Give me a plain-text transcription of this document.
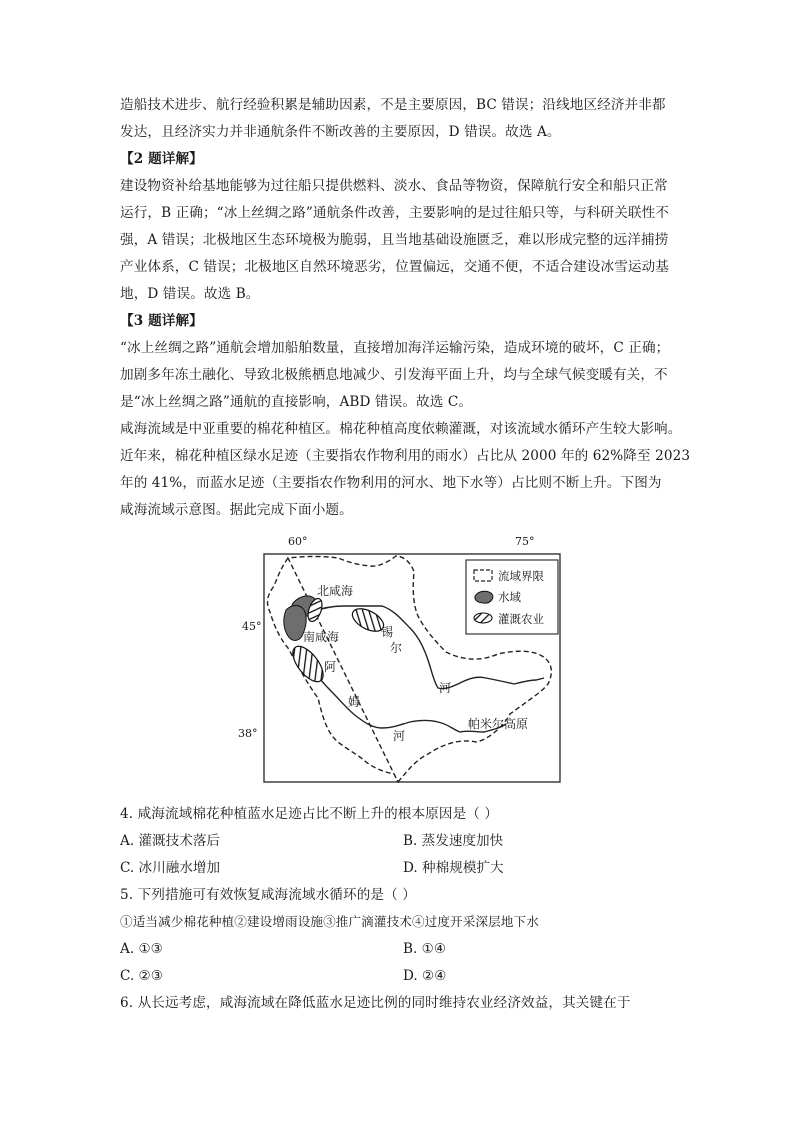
造船技术进步、航行经验积累是辅助因素，不是主要原因，BC 错误；沿线地区经济并非都
发达，且经济实力并非通航条件不断改善的主要原因，D 错误。故选 A。
【2 题详解】
建设物资补给基地能够为过往船只提供燃料、淡水、食品等物资，保障航行安全和船只正常
运行，B 正确；“冰上丝绸之路”通航条件改善，主要影响的是过往船只等，与科研关联性不
强，A 错误；北极地区生态环境极为脆弱，且当地基础设施匮乏，难以形成完整的远洋捕捞
产业体系，C 错误；北极地区自然环境恶劣，位置偏远，交通不便，不适合建设冰雪运动基
地，D 错误。故选 B。
【3 题详解】
“冰上丝绸之路”通航会增加船舶数量，直接增加海洋运输污染，造成环境的破坏，C 正确；
加剧多年冻土融化、导致北极熊栖息地减少、引发海平面上升，均与全球气候变暖有关，不
是“冰上丝绸之路”通航的直接影响，ABD 错误。故选 C。
咸海流域是中亚重要的棉花种植区。棉花种植高度依赖灌溉，对该流域水循环产生较大影响。
近年来，棉花种植区绿水足迹（主要指农作物利用的雨水）占比从 2000 年的 62%降至 2023
年的 41%，而蓝水足迹（主要指农作物利用的河水、地下水等）占比则不断上升。下图为
咸海流域示意图。据此完成下面小题。
60°	75°
45°
38°
北咸海
南咸海	锡
尔
河
阿
姆
河
帕米尔高原
流域界限
水域
灌溉农业
4. 咸海流域棉花种植蓝水足迹占比不断上升的根本原因是（ ）
A. 灌溉技术落后	B. 蒸发速度加快
C. 冰川融水增加	D. 种棉规模扩大
5. 下列措施可有效恢复咸海流域水循环的是（ ）
①适当减少棉花种植②建设增雨设施③推广滴灌技术④过度开采深层地下水
A. ①③	B. ①④
C. ②③	D. ②④
6. 从长远考虑，咸海流域在降低蓝水足迹比例的同时维持农业经济效益，其关键在于
